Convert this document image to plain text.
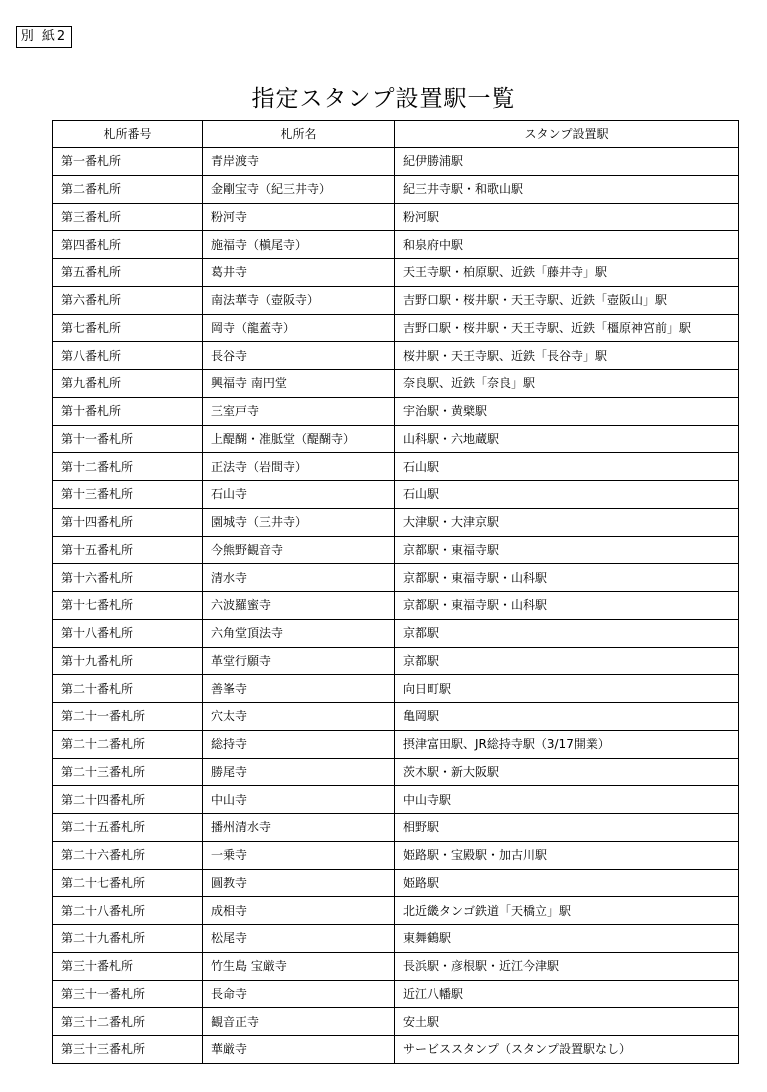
別 紙2
指定スタンプ設置駅一覧
札所番号	札所名	スタンプ設置駅
第一番札所	青岸渡寺	紀伊勝浦駅
第二番札所	金剛宝寺（紀三井寺）	紀三井寺駅・和歌山駅
第三番札所	粉河寺	粉河駅
第四番札所	施福寺（槇尾寺）	和泉府中駅
第五番札所	葛井寺	天王寺駅・柏原駅、近鉄「藤井寺」駅
第六番札所	南法華寺（壺阪寺）	吉野口駅・桜井駅・天王寺駅、近鉄「壺阪山」駅
第七番札所	岡寺（龍蓋寺）	吉野口駅・桜井駅・天王寺駅、近鉄「橿原神宮前」駅
第八番札所	長谷寺	桜井駅・天王寺駅、近鉄「長谷寺」駅
第九番札所	興福寺 南円堂	奈良駅、近鉄「奈良」駅
第十番札所	三室戸寺	宇治駅・黄檗駅
第十一番札所	上醍醐・准胝堂（醍醐寺）	山科駅・六地蔵駅
第十二番札所	正法寺（岩間寺）	石山駅
第十三番札所	石山寺	石山駅
第十四番札所	園城寺（三井寺）	大津駅・大津京駅
第十五番札所	今熊野観音寺	京都駅・東福寺駅
第十六番札所	清水寺	京都駅・東福寺駅・山科駅
第十七番札所	六波羅蜜寺	京都駅・東福寺駅・山科駅
第十八番札所	六角堂頂法寺	京都駅
第十九番札所	革堂行願寺	京都駅
第二十番札所	善峯寺	向日町駅
第二十一番札所	穴太寺	亀岡駅
第二十二番札所	総持寺	摂津富田駅、JR総持寺駅（3/17開業）
第二十三番札所	勝尾寺	茨木駅・新大阪駅
第二十四番札所	中山寺	中山寺駅
第二十五番札所	播州清水寺	相野駅
第二十六番札所	一乗寺	姫路駅・宝殿駅・加古川駅
第二十七番札所	圓教寺	姫路駅
第二十八番札所	成相寺	北近畿タンゴ鉄道「天橋立」駅
第二十九番札所	松尾寺	東舞鶴駅
第三十番札所	竹生島 宝厳寺	長浜駅・彦根駅・近江今津駅
第三十一番札所	長命寺	近江八幡駅
第三十二番札所	観音正寺	安土駅
第三十三番札所	華厳寺	サービススタンプ（スタンプ設置駅なし）
